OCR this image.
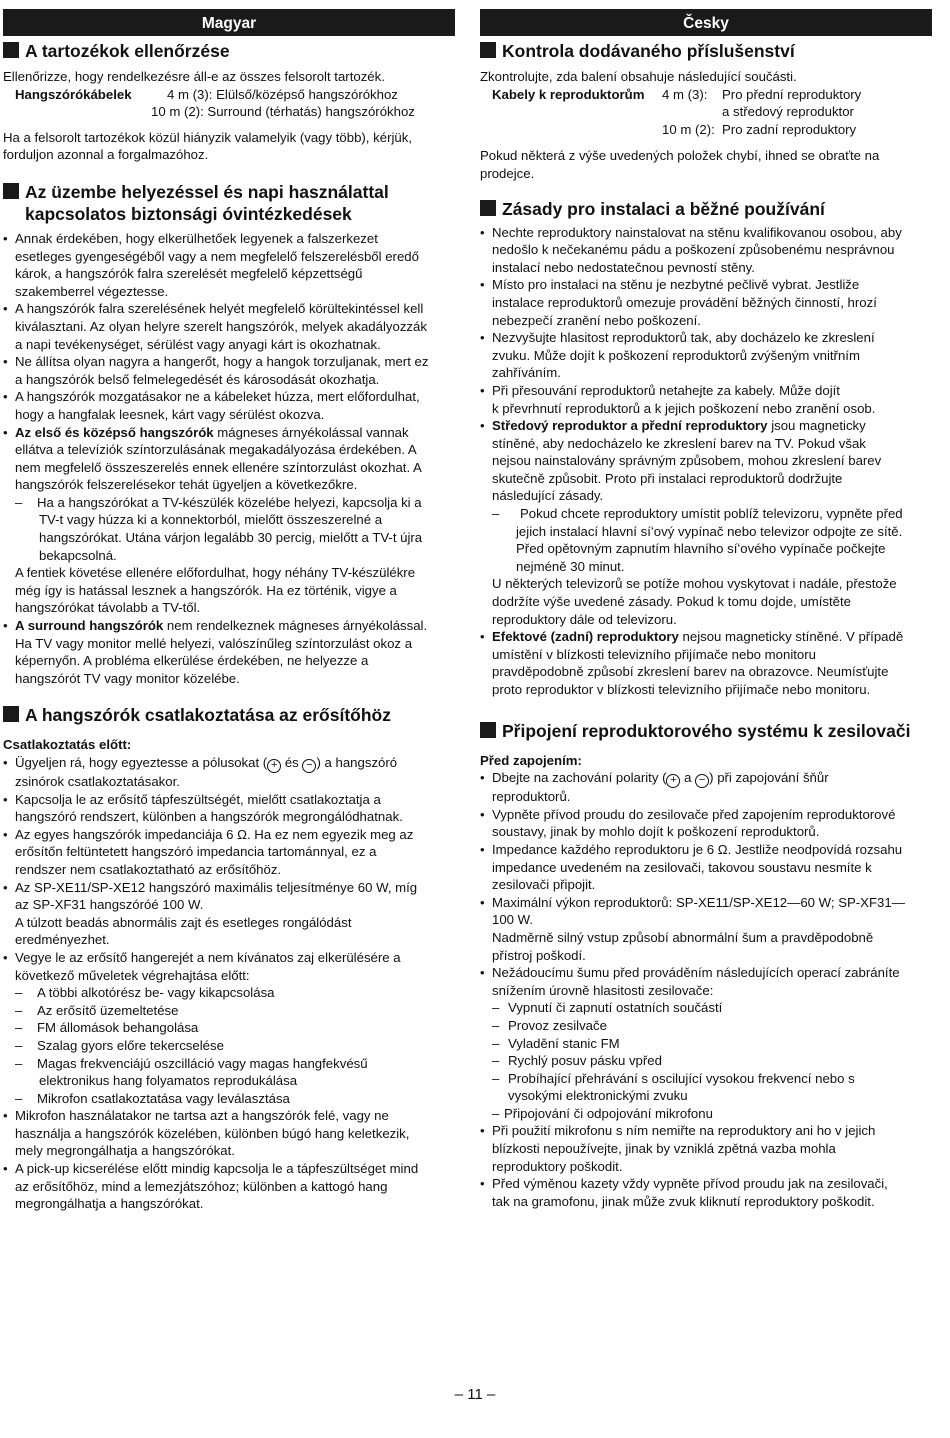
Magyar
A tartozékok ellenőrzése

Ellenőrizze, hogy rendelkezésre áll-e az összes felsorolt tartozék.

Hangszórókábelek	4 m (3): Elülső/középső hangszórókhoz

10 m (2): Surround (térhatás) hangszórókhoz

Ha a felsorolt tartozékok közül hiányzik valamelyik (vagy több), kérjük,

forduljon azonnal a forgalmazóhoz.

Az üzembe helyezéssel és napi használattal
kapcsolatos biztonsági óvintézkedések
• Annak érdekében, hogy elkerülhetőek legyenek a falszerkezet
esetleges gyengeségéből vagy a nem megfelelő felszerelésből eredő
károk, a hangszórók falra szerelését megfelelő képzettségű
szakemberrel végeztesse.
• A hangszórók falra szerelésének helyét megfelelő körültekintéssel kell
kiválasztani. Az olyan helyre szerelt hangszórók, melyek akadályozzák
a napi tevékenységet, sérülést vagy anyagi kárt is okozhatnak.
• Ne állítsa olyan nagyra a hangerőt, hogy a hangok torzuljanak, mert ez
a hangszórók belső felmelegedését és károsodását okozhatja.
• A hangszórók mozgatásakor ne a kábeleket húzza, mert előfordulhat,
hogy a hangfalak leesnek, kárt vagy sérülést okozva.
• Az első és középső hangszórók mágneses árnyékolással vannak
ellátva a televíziók színtorzulásának megakadályozása érdekében. A
nem megfelelő összeszerelés ennek ellenére színtorzulást okozhat. A
hangszórók felszerelésekor tehát ügyeljen a következőkre.
– Ha a hangszórókat a TV-készülék közelébe helyezi, kapcsolja ki a
TV-t vagy húzza ki a konnektorból, mielőtt összeszerelné a
hangszórókat. Utána várjon legalább 30 percig, mielőtt a TV-t újra
bekapcsolná.
A fentiek követése ellenére előfordulhat, hogy néhány TV-készülékre
még így is hatással lesznek a hangszórók. Ha ez történik, vigye a
hangszórókat távolabb a TV-től.
• A surround hangszórók nem rendelkeznek mágneses árnyékolással.
Ha TV vagy monitor mellé helyezi, valószínűleg színtorzulást okoz a
képernyőn. A probléma elkerülése érdekében, ne helyezze a
hangszórót TV vagy monitor közelébe.
A hangszórók csatlakoztatása az erősítőhöz

Csatlakoztatás előtt:

• Ügyeljen rá, hogy egyeztesse a pólusokat ( + és − ) a hangszóró
zsinórok csatlakoztatásakor.
• Kapcsolja le az erősítő tápfeszültségét, mielőtt csatlakoztatja a
hangszóró rendszert, különben a hangszórók megrongálódhatnak.
• Az egyes hangszórók impedanciája 6 Ω. Ha ez nem egyezik meg az
erősítőn feltüntetett hangszóró impedancia tartománnyal, ez a
rendszer nem csatlakoztatható az erősítőhöz.
• Az SP-XE11/SP-XE12 hangszóró maximális teljesítménye 60 W, míg
az SP-XF31 hangszóróé 100 W.
A túlzott beadás abnormális zajt és esetleges rongálódást
eredményezhet.
• Vegye le az erősítő hangerejét a nem kívánatos zaj elkerülésére a
következő műveletek végrehajtása előtt:
– A többi alkotórész be- vagy kikapcsolása
– Az erősítő üzemeltetése
– FM állomások behangolása
– Szalag gyors előre tekercselése
– Magas frekvenciájú oszcilláció vagy magas hangfekvésű
elektronikus hang folyamatos reprodukálása
– Mikrofon csatlakoztatása vagy leválasztása
• Mikrofon használatakor ne tartsa azt a hangszórók felé, vagy ne
használja a hangszórók közelében, különben búgó hang keletkezik,
mely megrongálhatja a hangszórókat.
• A pick-up kicserélése előtt mindig kapcsolja le a tápfeszültséget mind
az erősítőhöz, mind a lemezjátszóhoz; különben a kattogó hang
megrongálhatja a hangszórókat.
Česky
Kontrola dodávaného příslušenství

Zkontrolujte, zda balení obsahuje následující součásti.

Kabely k reproduktorům	4 m (3):	Pro přední reproduktory

a středový reproduktor

10 m (2): Pro zadní reproduktory

Pokud některá z výše uvedených položek chybí, ihned se obraťte na

prodejce.

Zásady pro instalaci a běžné používání
• Nechte reproduktory nainstalovat na stěnu kvalifikovanou osobou, aby
nedošlo k nečekanému pádu a poškození způsobenému nesprávnou
instalací nebo nedostatečnou pevností stěny.
• Místo pro instalaci na stěnu je nezbytné pečlivě vybrat. Jestliže
instalace reproduktorů omezuje provádění běžných činností, hrozí
nebezpečí zranění nebo poškození.
• Nezvyšujte hlasitost reproduktorů tak, aby docházelo ke zkreslení
zvuku. Může dojít k poškození reproduktorů zvýšeným vnitřním
zahříváním.
• Při přesouvání reproduktorů netahejte za kabely. Může dojít
k převrhnutí reproduktorů a k jejich poškození nebo zranění osob.
• Středový reproduktor a přední reproduktory jsou magneticky
stíněné, aby nedocházelo ke zkreslení barev na TV. Pokud však
nejsou nainstalovány správným způsobem, mohou zkreslení barev
skutečně způsobit. Proto při instalaci reproduktorů dodržujte
následující zásady.
– Pokud chcete reproduktory umístit poblíž televizoru, vypněte před
jejich instalací hlavní síʻový vypínač nebo televizor odpojte ze sítě.
Před opětovným zapnutím hlavního síʻového vypínače počkejte
nejméně 30 minut.
U některých televizorů se potíže mohou vyskytovat i nadále, přestože
dodržíte výše uvedené zásady. Pokud k tomu dojde, umístěte
reproduktory dále od televizoru.
• Efektové (zadní) reproduktory nejsou magneticky stíněné. V případě
umístění v blízkosti televizního přijímače nebo monitoru
pravděpodobně způsobí zkreslení barev na obrazovce. Neumísťujte
proto reproduktor v blízkosti televizního přijímače nebo monitoru.
Připojení reproduktorového systému k zesilovači

Před zapojením:

• Dbejte na zachování polarity ( + a − ) při zapojování šňůr
reproduktorů.
• Vypněte přívod proudu do zesilovače před zapojením reproduktorové
soustavy, jinak by mohlo dojít k poškození reproduktorů.
• Impedance každého reproduktoru je 6 Ω. Jestliže neodpovídá rozsahu
impedance uvedeném na zesilovači, takovou soustavu nesmíte k
zesilovači připojit.
• Maximální výkon reproduktorů: SP-XE11/SP-XE12—60 W; SP-XF31—
100 W.
Nadměrně silný vstup způsobí abnormální šum a pravděpodobně
přístroj poškodí.
• Nežádoucímu šumu před prováděním následujících operací zabráníte
snížením úrovně hlasitosti zesilovače:
– Vypnutí či zapnutí ostatních součástí
– Provoz zesilvače
– Vyladění stanic FM
– Rychlý posuv pásku vpřed
– Probíhající přehrávání s oscilující vysokou frekvencí nebo s
vysokými elektronickými zvuku
– Připojování či odpojování mikrofonu
• Při použití mikrofonu s ním nemiřte na reproduktory ani ho v jejich
blízkosti nepoužívejte, jinak by vzniklá zpětná vazba mohla
reproduktory poškodit.
• Před výměnou kazety vždy vypněte přívod proudu jak na zesilovači,
tak na gramofonu, jinak může zvuk kliknutí reproduktory poškodit.
– 11 –
